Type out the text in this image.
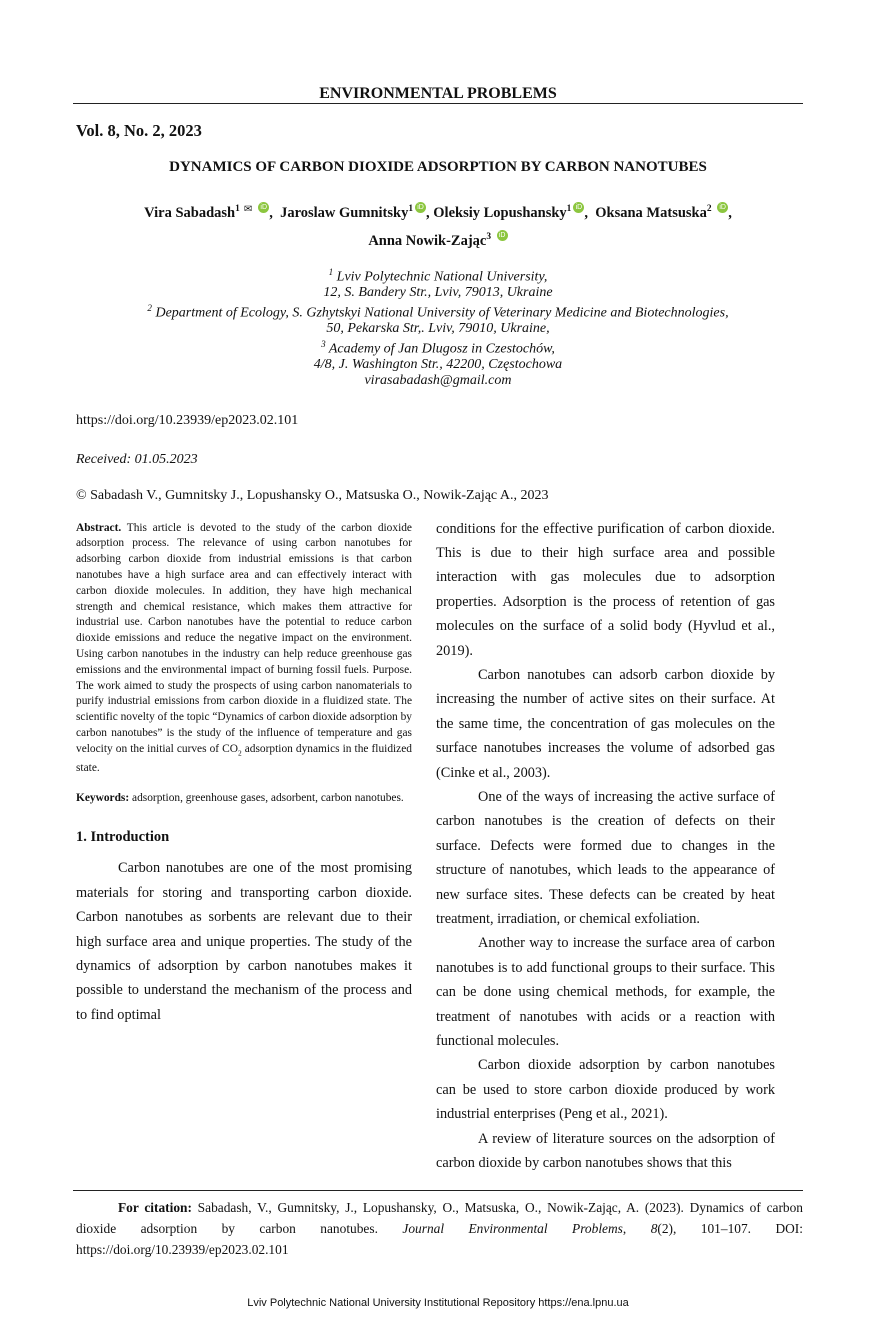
ENVIRONMENTAL PROBLEMS
Vol. 8, No. 2, 2023
DYNAMICS OF CARBON DIOXIDE ADSORPTION BY CARBON NANOTUBES
Vira Sabadash$^1$ ✉ iD ,  Jaroslaw Gumnitsky$^1$ iD , Oleksiy Lopushansky$^1$ iD ,  Oksana Matsuska$^2$ iD ,
Anna Nowik-Zając$^3$ iD
$^1$ Lviv Polytechnic National University,
12, S. Bandery Str., Lviv, 79013, Ukraine
$^2$ Department of Ecology, S. Gzhytskyi National University of Veterinary Medicine and Biotechnologies,
50, Pekarska Str,. Lviv, 79010, Ukraine,
$^3$ Academy of Jan Dlugosz in Czestochów,
4/8, J. Washington Str., 42200, Częstochowa
virasabadash@gmail.com
https://doi.org/10.23939/ep2023.02.101
Received: 01.05.2023
© Sabadash V., Gumnitsky J., Lopushansky O., Matsuska O., Nowik-Zając A., 2023
Abstract. This article is devoted to the study of the carbon dioxide adsorption process. The relevance of using carbon nanotubes for adsorbing carbon dioxide from industrial emissions is that carbon nanotubes have a high surface area and can effectively interact with carbon dioxide molecules. In addition, they have high mechanical strength and chemical resistance, which makes them attractive for industrial use. Carbon nanotubes have the potential to reduce carbon dioxide emissions and reduce the negative impact on the environment. Using carbon nanotubes in the industry can help reduce greenhouse gas emissions and the environmental impact of burning fossil fuels. Purpose. The work aimed to study the prospects of using carbon nanomaterials to purify industrial emissions from carbon dioxide in a fluidized state. The scientific novelty of the topic “Dynamics of carbon dioxide adsorption by carbon nanotubes” is the study of the influence of temperature and gas velocity on the initial curves of $CO_2$ adsorption dynamics in the fluidized state.
Keywords: adsorption, greenhouse gases, adsorbent, carbon nanotubes.
1. Introduction

Carbon nanotubes are one of the most promising materials for storing and transporting carbon dioxide. Carbon nanotubes as sorbents are relevant due to their high surface area and unique properties. The study of the dynamics of adsorption by carbon nanotubes makes it possible to understand the mechanism of the process and to find optimal

conditions for the effective purification of carbon dioxide. This is due to their high surface area and possible interaction with gas molecules due to adsorption properties. Adsorption is the process of retention of gas molecules on the surface of a solid body (Hyvlud et al., 2019).

Carbon nanotubes can adsorb carbon dioxide by increasing the number of active sites on their surface. At the same time, the concentration of gas molecules on the surface nanotubes increases the volume of adsorbed gas (Cinke et al., 2003).

One of the ways of increasing the active surface of carbon nanotubes is the creation of defects on their surface. Defects were formed due to changes in the structure of nanotubes, which leads to the appearance of new surface sites. These defects can be created by heat treatment, irradiation, or chemical exfoliation.

Another way to increase the surface area of carbon nanotubes is to add functional groups to their surface. This can be done using chemical methods, for example, the treatment of nanotubes with acids or a reaction with functional molecules.

Carbon dioxide adsorption by carbon nanotubes can be used to store carbon dioxide produced by work industrial enterprises (Peng et al., 2021).

A review of literature sources on the adsorption of carbon dioxide by carbon nanotubes shows that this

For citation: Sabadash, V., Gumnitsky, J., Lopushansky, O., Matsuska, O., Nowik-Zając, A. (2023). Dynamics of carbon dioxide adsorption by carbon nanotubes. Journal Environmental Problems, 8(2), 101–107. DOI: https://doi.org/10.23939/ep2023.02.101
Lviv Polytechnic National University Institutional Repository https://ena.lpnu.ua
